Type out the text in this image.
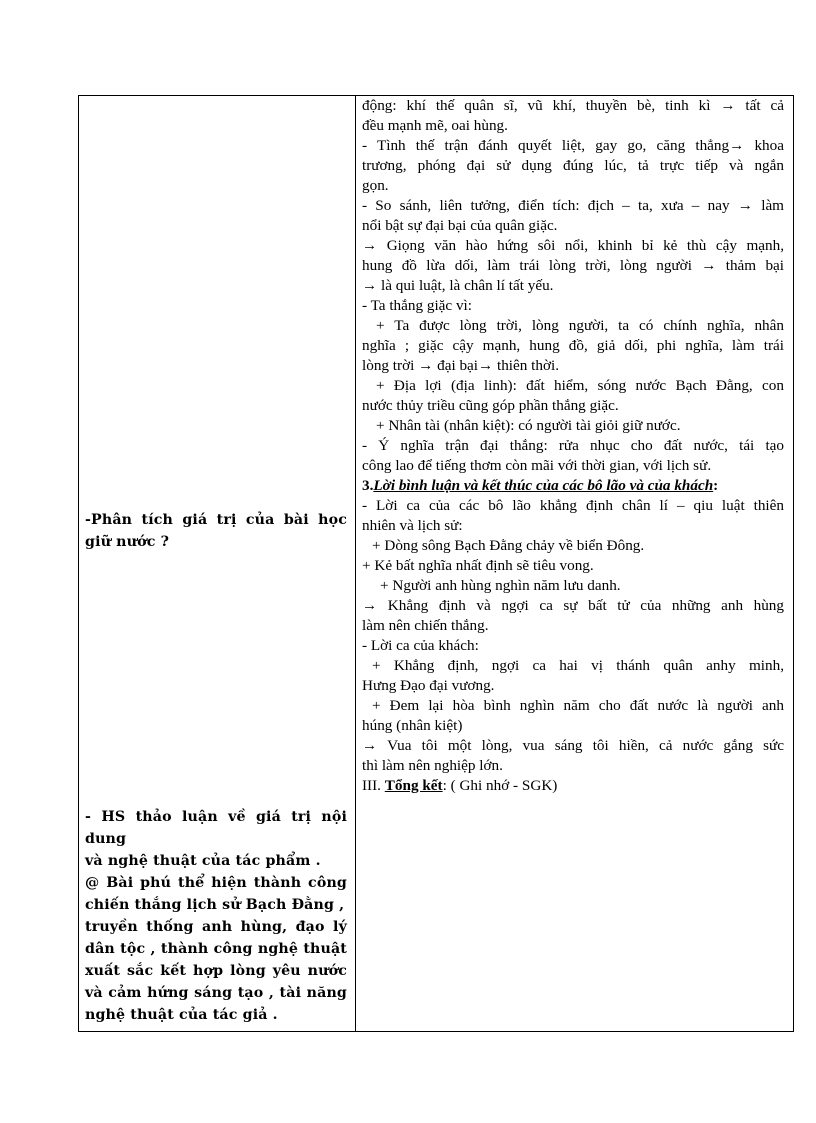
-Phân tích giá trị của bài học giữ nước ?

- HS thảo luận về giá trị nội dung

và nghệ thuật của tác phẩm .

@ Bài phú thể hiện thành công

chiến thắng lịch sử Bạch Đằng ,

truyền thống anh hùng, đạo lý

dân tộc , thành công nghệ thuật

xuất sắc kết hợp lòng yêu nước

và cảm hứng sáng tạo , tài năng

nghệ thuật của tác giả .

động: khí thế quân sĩ, vũ khí, thuyền bè, tinh kì → tất cả

đều mạnh mẽ, oai hùng.

- Tình thế trận đánh quyết liệt, gay go, căng thẳng→ khoa

trương, phóng đại sử dụng đúng lúc, tả trực tiếp và ngắn

gọn.

- So sánh, liên tưởng, điển tích: địch – ta, xưa – nay → làm

nổi bật sự đại bại của quân giặc.

→ Giọng văn hào hứng sôi nổi, khinh bỉ kẻ thù cậy mạnh,

hung đồ lừa dối, làm trái lòng trời, lòng người → thảm bại

→ là qui luật, là chân lí tất yếu.

- Ta thắng giặc vì:

+ Ta được lòng trời, lòng người, ta có chính nghĩa, nhân

nghĩa ; giặc cậy mạnh, hung đồ, giả dối, phi nghĩa, làm trái

lòng trời → đại bại→ thiên thời.

+ Địa lợi (địa linh): đất hiểm, sóng nước Bạch Đằng, con

nước thủy triều cũng góp phần thắng giặc.

+ Nhân tài (nhân kiệt): có người tài giỏi giữ nước.

- Ý nghĩa trận đại thắng: rửa nhục cho đất nước, tái tạo

công lao để tiếng thơm còn mãi với thời gian, với lịch sử.

3.Lời bình luận và kết thúc của các bô lão và của khách:

- Lời ca của các bô lão khẳng định chân lí – qiu luật thiên

nhiên và lịch sử:

+ Dòng sông Bạch Đằng chảy về biển Đông.

+ Kẻ bất nghĩa nhất định sẽ tiêu vong.

+ Người anh hùng nghìn năm lưu danh.

→ Khẳng định và ngợi ca sự bất tử của những anh hùng

làm nên chiến thắng.

- Lời ca của khách:

+ Khẳng định, ngợi ca hai vị thánh quân anhy minh,

Hưng Đạo đại vương.

+ Đem lại hòa bình nghìn năm cho đất nước là người anh

húng (nhân kiệt)

→ Vua tôi một lòng, vua sáng tôi hiền, cả nước gắng sức

thì làm nên nghiệp lớn.

III. Tổng kết: ( Ghi nhớ - SGK)
